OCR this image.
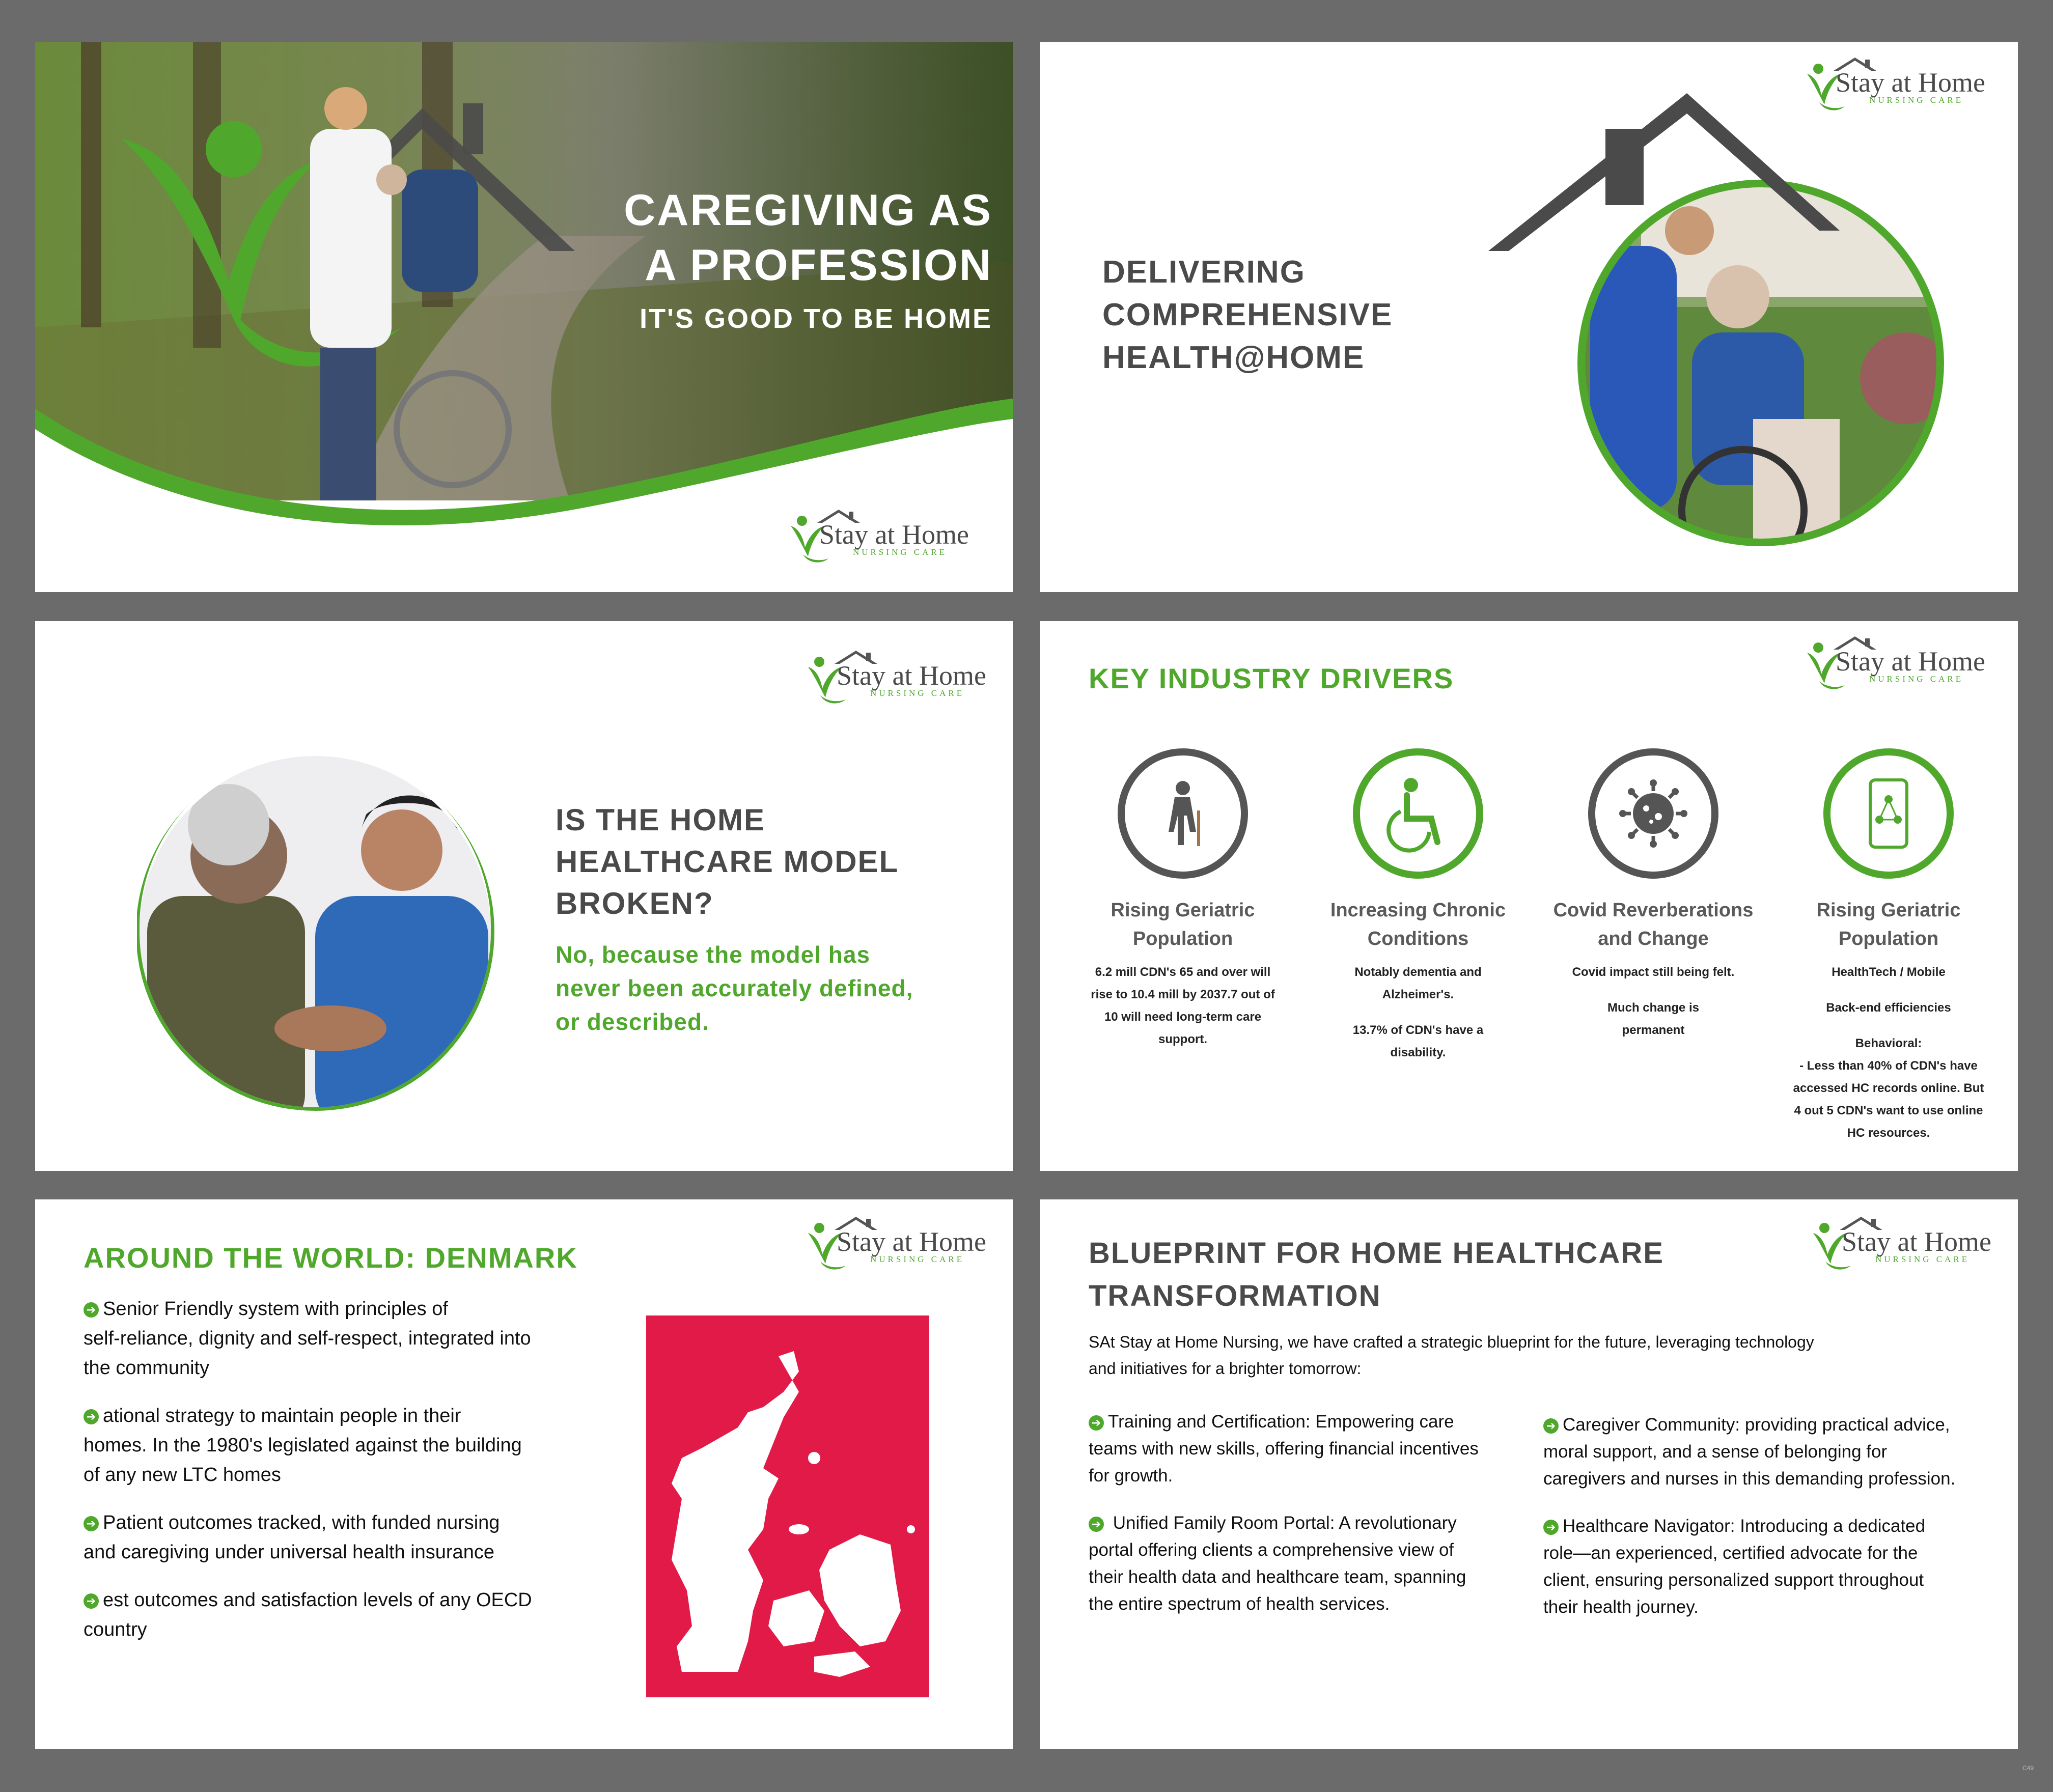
CAREGIVING AS
A PROFESSION
IT'S GOOD TO BE HOME
Stay at Home
NURSING CARE
Stay at Home
NURSING CARE
DELIVERING
COMPREHENSIVE
HEALTH@HOME
Stay at Home
NURSING CARE
IS THE HOME
HEALTHCARE MODEL
BROKEN?
No, because the model has
never been accurately defined,
or described.
KEY INDUSTRY DRIVERS
Stay at Home
NURSING CARE
Rising Geriatric
Population
6.2 mill CDN's 65 and over will
rise to 10.4 mill by 2037.7 out of
10 will need long-term care
support.
Increasing Chronic
Conditions
Notably dementia and
Alzheimer's.
13.7% of CDN's have a
disability.
Covid Reverberations
and Change
Covid impact still being felt.
Much change is
permanent
Rising Geriatric
Population
HealthTech / Mobile
Back-end efficiencies
Behavioral:
- Less than 40% of CDN's have
accessed HC records online. But
4 out 5 CDN's want to use online
HC resources.
AROUND THE WORLD: DENMARK	Stay at Home
NURSING CARE
➔ Senior Friendly system with principles of
self-reliance, dignity and self-respect, integrated into
the community
➔ ational strategy to maintain people in their
homes. In the 1980's legislated against the building
of any new LTC homes
➔ Patient outcomes tracked, with funded nursing
and caregiving under universal health insurance
➔ est outcomes and satisfaction levels of any OECD
country
BLUEPRINT FOR HOME HEALTHCARE
TRANSFORMATION
Stay at Home
NURSING CARE
SAt Stay at Home Nursing, we have crafted a strategic blueprint for the future, leveraging technology
and initiatives for a brighter tomorrow:
➔ Training and Certification: Empowering care
teams with new skills, offering financial incentives
for growth.
➔ Unified Family Room Portal: A revolutionary
portal offering clients a comprehensive view of
their health data and healthcare team, spanning
the entire spectrum of health services.
➔ Caregiver Community: providing practical advice,
moral support, and a sense of belonging for
caregivers and nurses in this demanding profession.
➔ Healthcare Navigator: Introducing a dedicated
role—an experienced, certified advocate for the
client, ensuring personalized support throughout
their health journey.
C49
